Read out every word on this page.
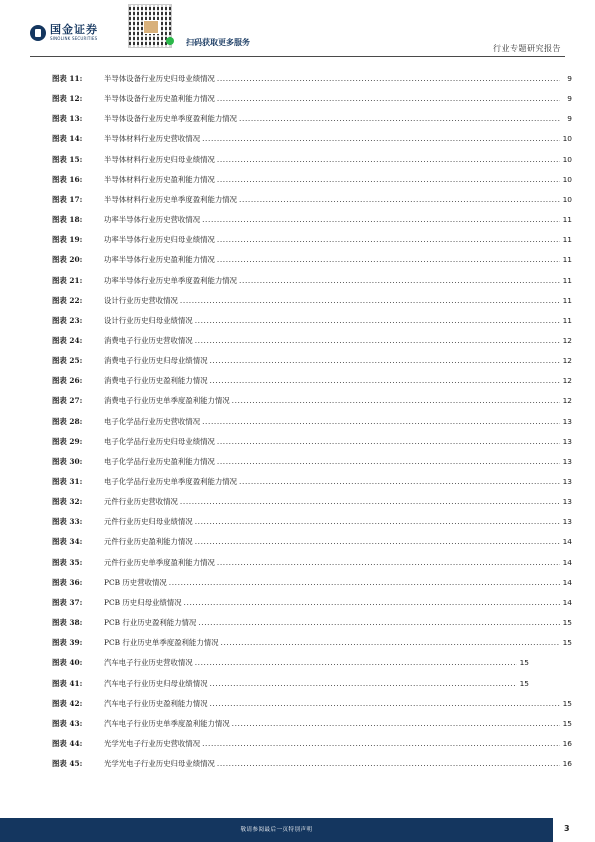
国金证券
SINOLINK SECURITIES	扫码获取更多服务
行业专题研究报告
图表 11:	半导体设备行业历史归母业绩情况 .....	9
图表 12:	半导体设备行业历史盈利能力情况 .....	9
图表 13:	半导体设备行业历史单季度盈利能力情况 .....	9
图表 14:	半导体材料行业历史营收情况 .....	10
图表 15:	半导体材料行业历史归母业绩情况 .....	10
图表 16:	半导体材料行业历史盈利能力情况 .....	10
图表 17:	半导体材料行业历史单季度盈利能力情况 .....	10
图表 18:	功率半导体行业历史营收情况 .....	11
图表 19:	功率半导体行业历史归母业绩情况 .....	11
图表 20:	功率半导体行业历史盈利能力情况 .....	11
图表 21:	功率半导体行业历史单季度盈利能力情况 .....	11
图表 22:	设计行业历史营收情况 .....	11
图表 23:	设计行业历史归母业绩情况 .....	11
图表 24:	消费电子行业历史营收情况 .....	12
图表 25:	消费电子行业历史归母业绩情况 .....	12
图表 26:	消费电子行业历史盈利能力情况 .....	12
图表 27:	消费电子行业历史单季度盈利能力情况 .....	12
图表 28:	电子化学品行业历史营收情况 .....	13
图表 29:	电子化学品行业历史归母业绩情况 .....	13
图表 30:	电子化学品行业历史盈利能力情况 .....	13
图表 31:	电子化学品行业历史单季度盈利能力情况 .....	13
图表 32:	元件行业历史营收情况 .....	13
图表 33:	元件行业历史归母业绩情况 .....	13
图表 34:	元件行业历史盈利能力情况 .....	14
图表 35:	元件行业历史单季度盈利能力情况 .....	14
图表 36:	PCB 历史营收情况 .....	14
图表 37:	PCB 历史归母业绩情况 .....	14
图表 38:	PCB 行业历史盈利能力情况 .....	15
图表 39:	PCB 行业历史单季度盈利能力情况 .....	15
图表 40:	汽车电子行业历史营收情况 .....	15
图表 41:	汽车电子行业历史归母业绩情况 .....	15
图表 42:	汽车电子行业历史盈利能力情况 .....	15
图表 43:	汽车电子行业历史单季度盈利能力情况 .....	15
图表 44:	光学光电子行业历史营收情况 .....	16
图表 45:	光学光电子行业历史归母业绩情况 .....	16
敬请参阅最后一页特别声明	3
